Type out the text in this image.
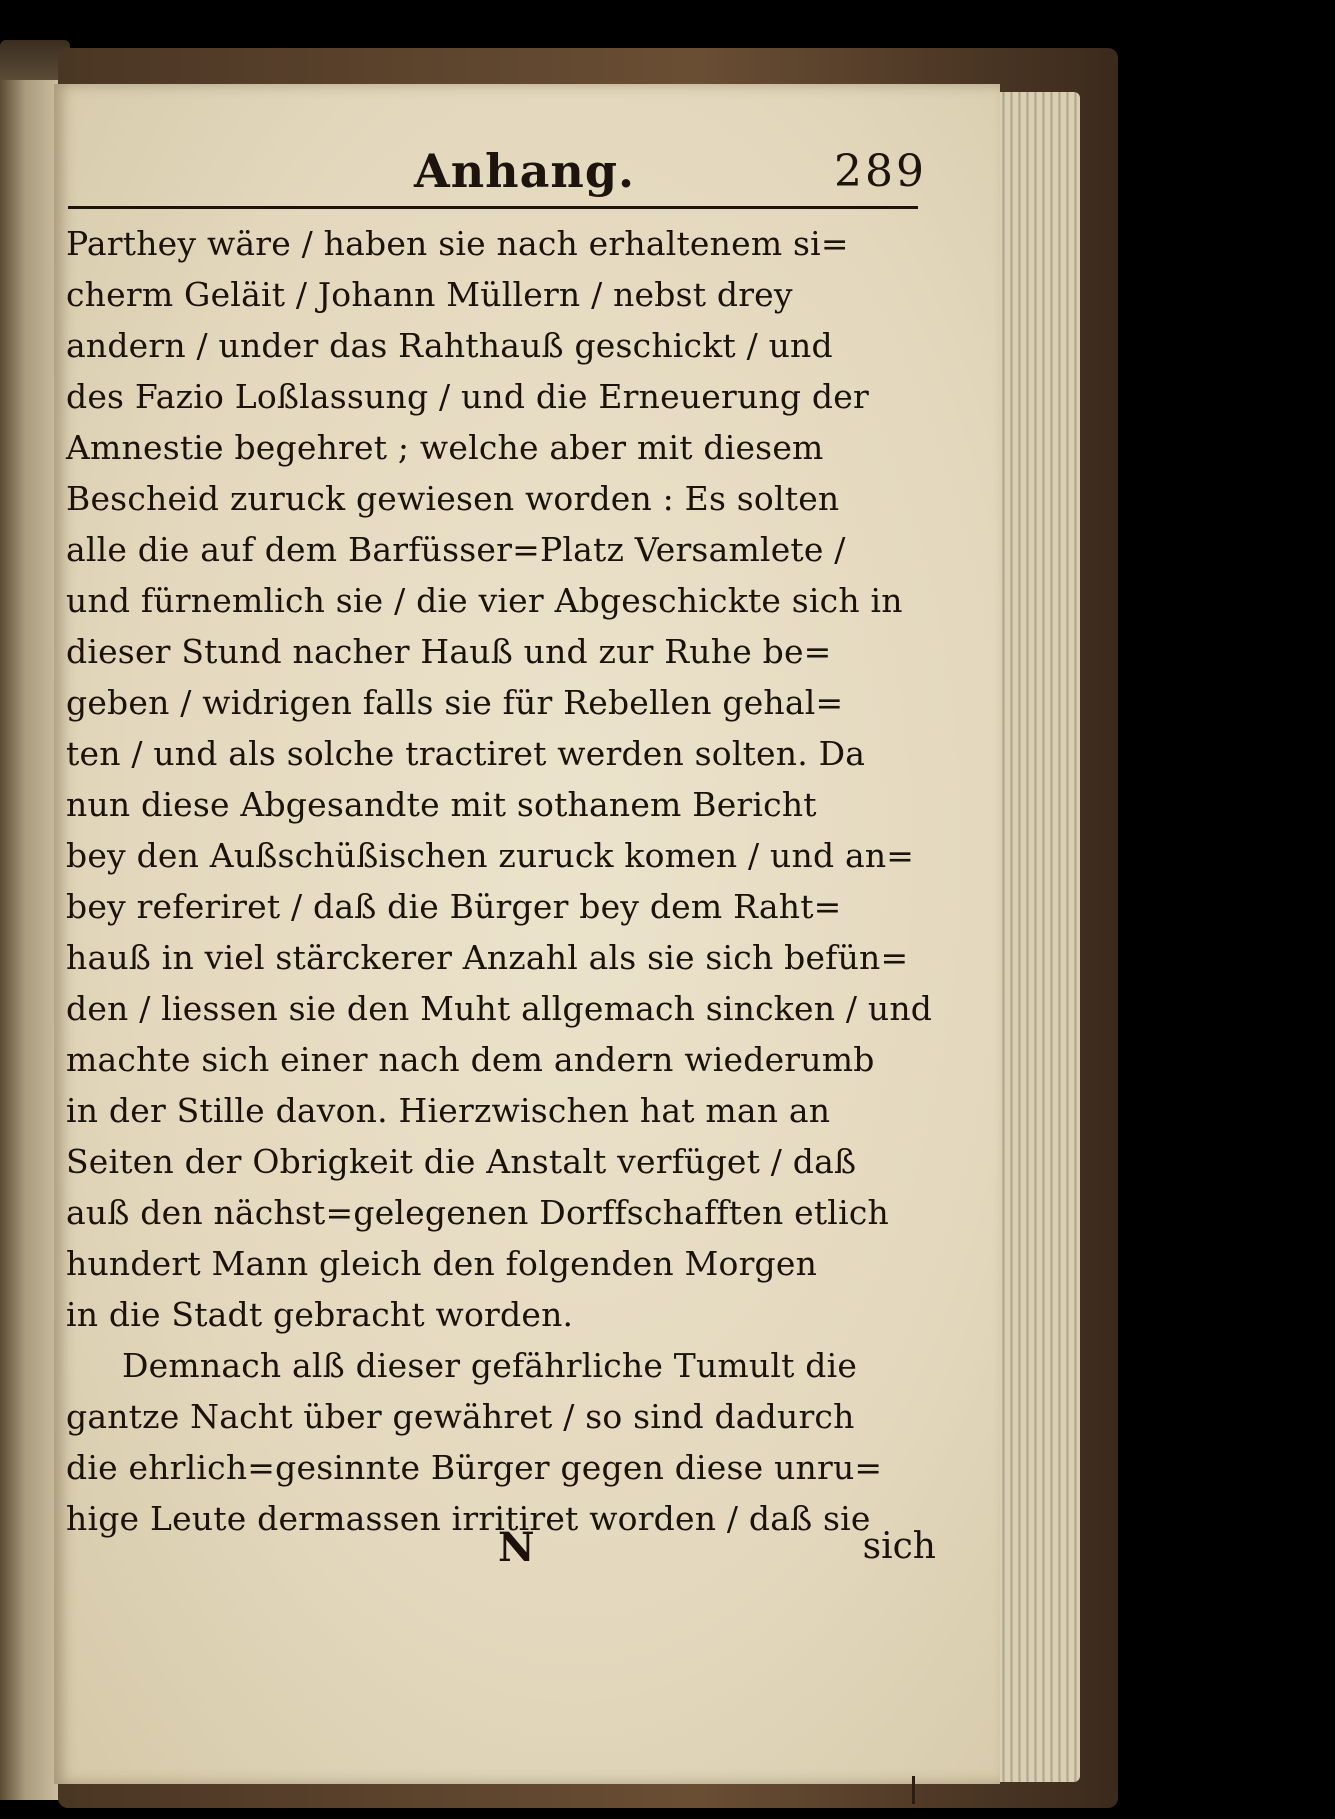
Anhang.	289
Parthey wäre / haben sie nach erhaltenem si=
cherm Geläit / Johann Müllern / nebst drey
andern / under das Rahthauß geschickt / und
des Fazio Loßlassung / und die Erneuerung der
Amnestie begehret ; welche aber mit diesem
Bescheid zuruck gewiesen worden : Es solten
alle die auf dem Barfüsser=Platz Versamlete /
und fürnemlich sie / die vier Abgeschickte sich in
dieser Stund nacher Hauß und zur Ruhe be=
geben / widrigen falls sie für Rebellen gehal=
ten / und als solche tractiret werden solten. Da
nun diese Abgesandte mit sothanem Bericht
bey den Außschüßischen zuruck komen / und an=
bey referiret / daß die Bürger bey dem Raht=
hauß in viel stärckerer Anzahl als sie sich befün=
den / liessen sie den Muht allgemach sincken / und
machte sich einer nach dem andern wiederumb
in der Stille davon. Hierzwischen hat man an
Seiten der Obrigkeit die Anstalt verfüget / daß
auß den nächst=gelegenen Dorffschafften etlich
hundert Mann gleich den folgenden Morgen
in die Stadt gebracht worden.
Demnach alß dieser gefährliche Tumult die
gantze Nacht über gewähret / so sind dadurch
die ehrlich=gesinnte Bürger gegen diese unru=
hige Leute dermassen irritiret worden / daß sie
N	sich
